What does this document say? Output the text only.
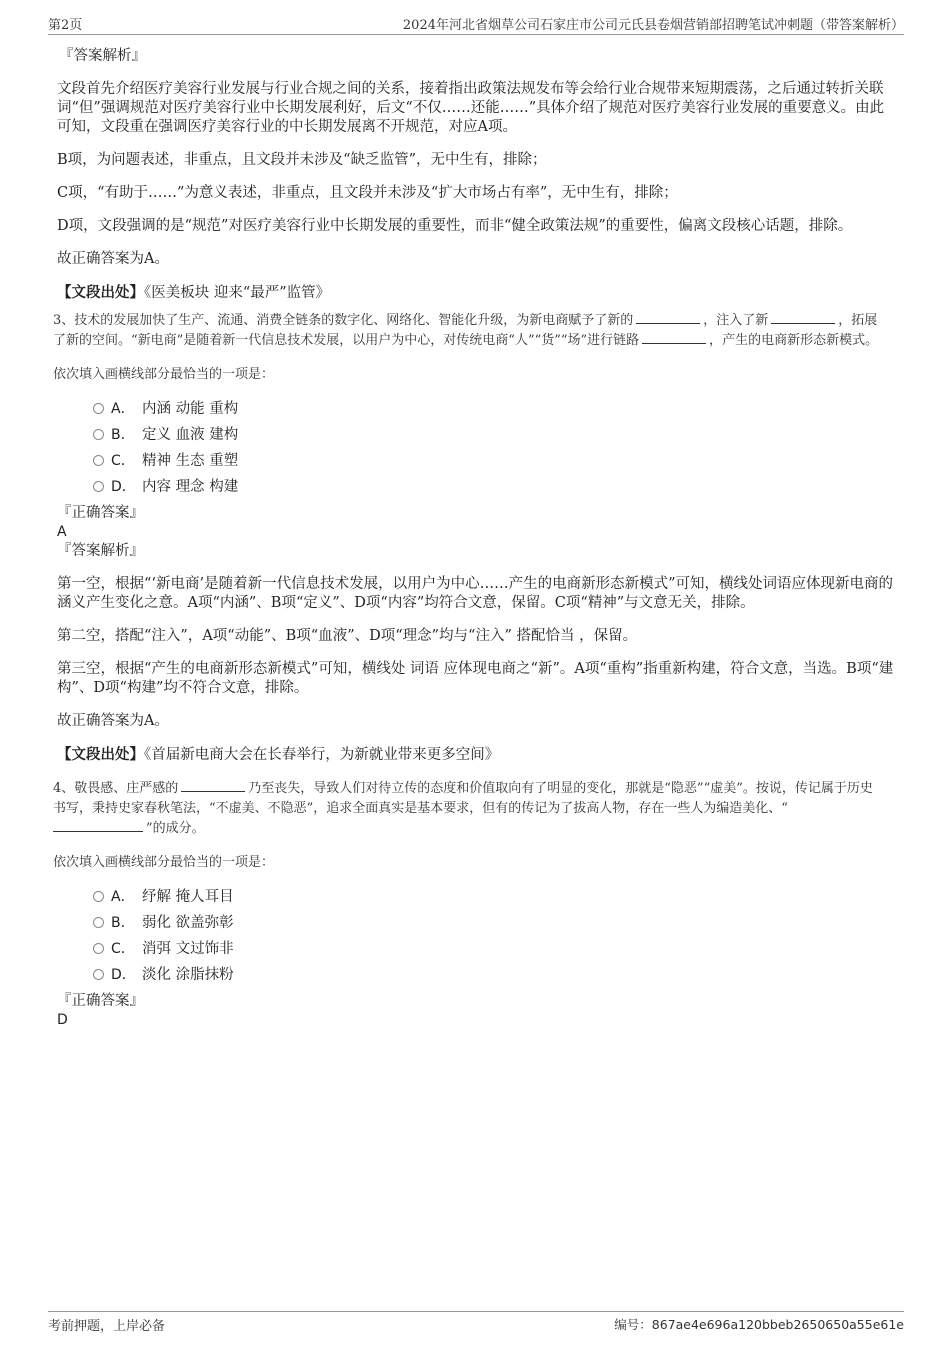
第2页	2024年河北省烟草公司石家庄市公司元氏县卷烟营销部招聘笔试冲刺题（带答案解析）

『答案解析』

文段首先介绍医疗美容行业发展与行业合规之间的关系，接着指出政策法规发布等会给行业合规带来短期震荡，之后通过转折关联词“但”强调规范对医疗美容行业中长期发展利好，后文“不仅……还能……”具体介绍了规范对医疗美容行业发展的重要意义。由此可知，文段重在强调医疗美容行业的中长期发展离不开规范，对应A项。

B项，为问题表述，非重点，且文段并未涉及“缺乏监管”，无中生有，排除；

C项，“有助于……”为意义表述，非重点，且文段并未涉及“扩大市场占有率”，无中生有，排除；

D项，文段强调的是“规范”对医疗美容行业中长期发展的重要性，而非“健全政策法规”的重要性，偏离文段核心话题，排除。

故正确答案为A。

【文段出处】《医美板块 迎来“最严”监管》

3、技术的发展加快了生产、流通、消费全链条的数字化、网络化、智能化升级，为新电商赋予了新的	，注入了新	，拓展

了新的空间。“新电商”是随着新一代信息技术发展，以用户为中心，对传统电商“人”“货”“场”进行链路	，产生的电商新形态新模式。

依次填入画横线部分最恰当的一项是：

A． 内涵 动能 重构
B． 定义 血液 建构
C． 精神 生态 重塑
D． 内容 理念 构建

『正确答案』

A

『答案解析』

第一空，根据“‘新电商’是随着新一代信息技术发展，以用户为中心……产生的电商新形态新模式”可知，横线处词语应体现新电商的涵义产生变化之意。A项“内涵”、B项“定义”、D项“内容”均符合文意，保留。C项“精神”与文意无关，排除。

第二空，搭配“注入”，A项“动能”、B项“血液”、D项“理念”均与“注入” 搭配恰当 ，保留。

第三空，根据“产生的电商新形态新模式”可知，横线处 词语 应体现电商之“新”。A项“重构”指重新构建，符合文意，当选。B项“建构”、D项“构建”均不符合文意，排除。

故正确答案为A。

【文段出处】《首届新电商大会在长春举行，为新就业带来更多空间》

4、敬畏感、庄严感的	乃至丧失，导致人们对待立传的态度和价值取向有了明显的变化，那就是“隐恶”“虚美”。按说，传记属于历史

书写，秉持史家春秋笔法，“不虚美、不隐恶”，追求全面真实是基本要求，但有的传记为了拔高人物，存在一些人为编造美化、“

”的成分。

依次填入画横线部分最恰当的一项是：

A． 纾解 掩人耳目
B． 弱化 欲盖弥彰
C． 消弭 文过饰非
D． 淡化 涂脂抹粉

『正确答案』

D

考前押题，上岸必备	编号：867ae4e696a120bbeb2650650a55e61e
